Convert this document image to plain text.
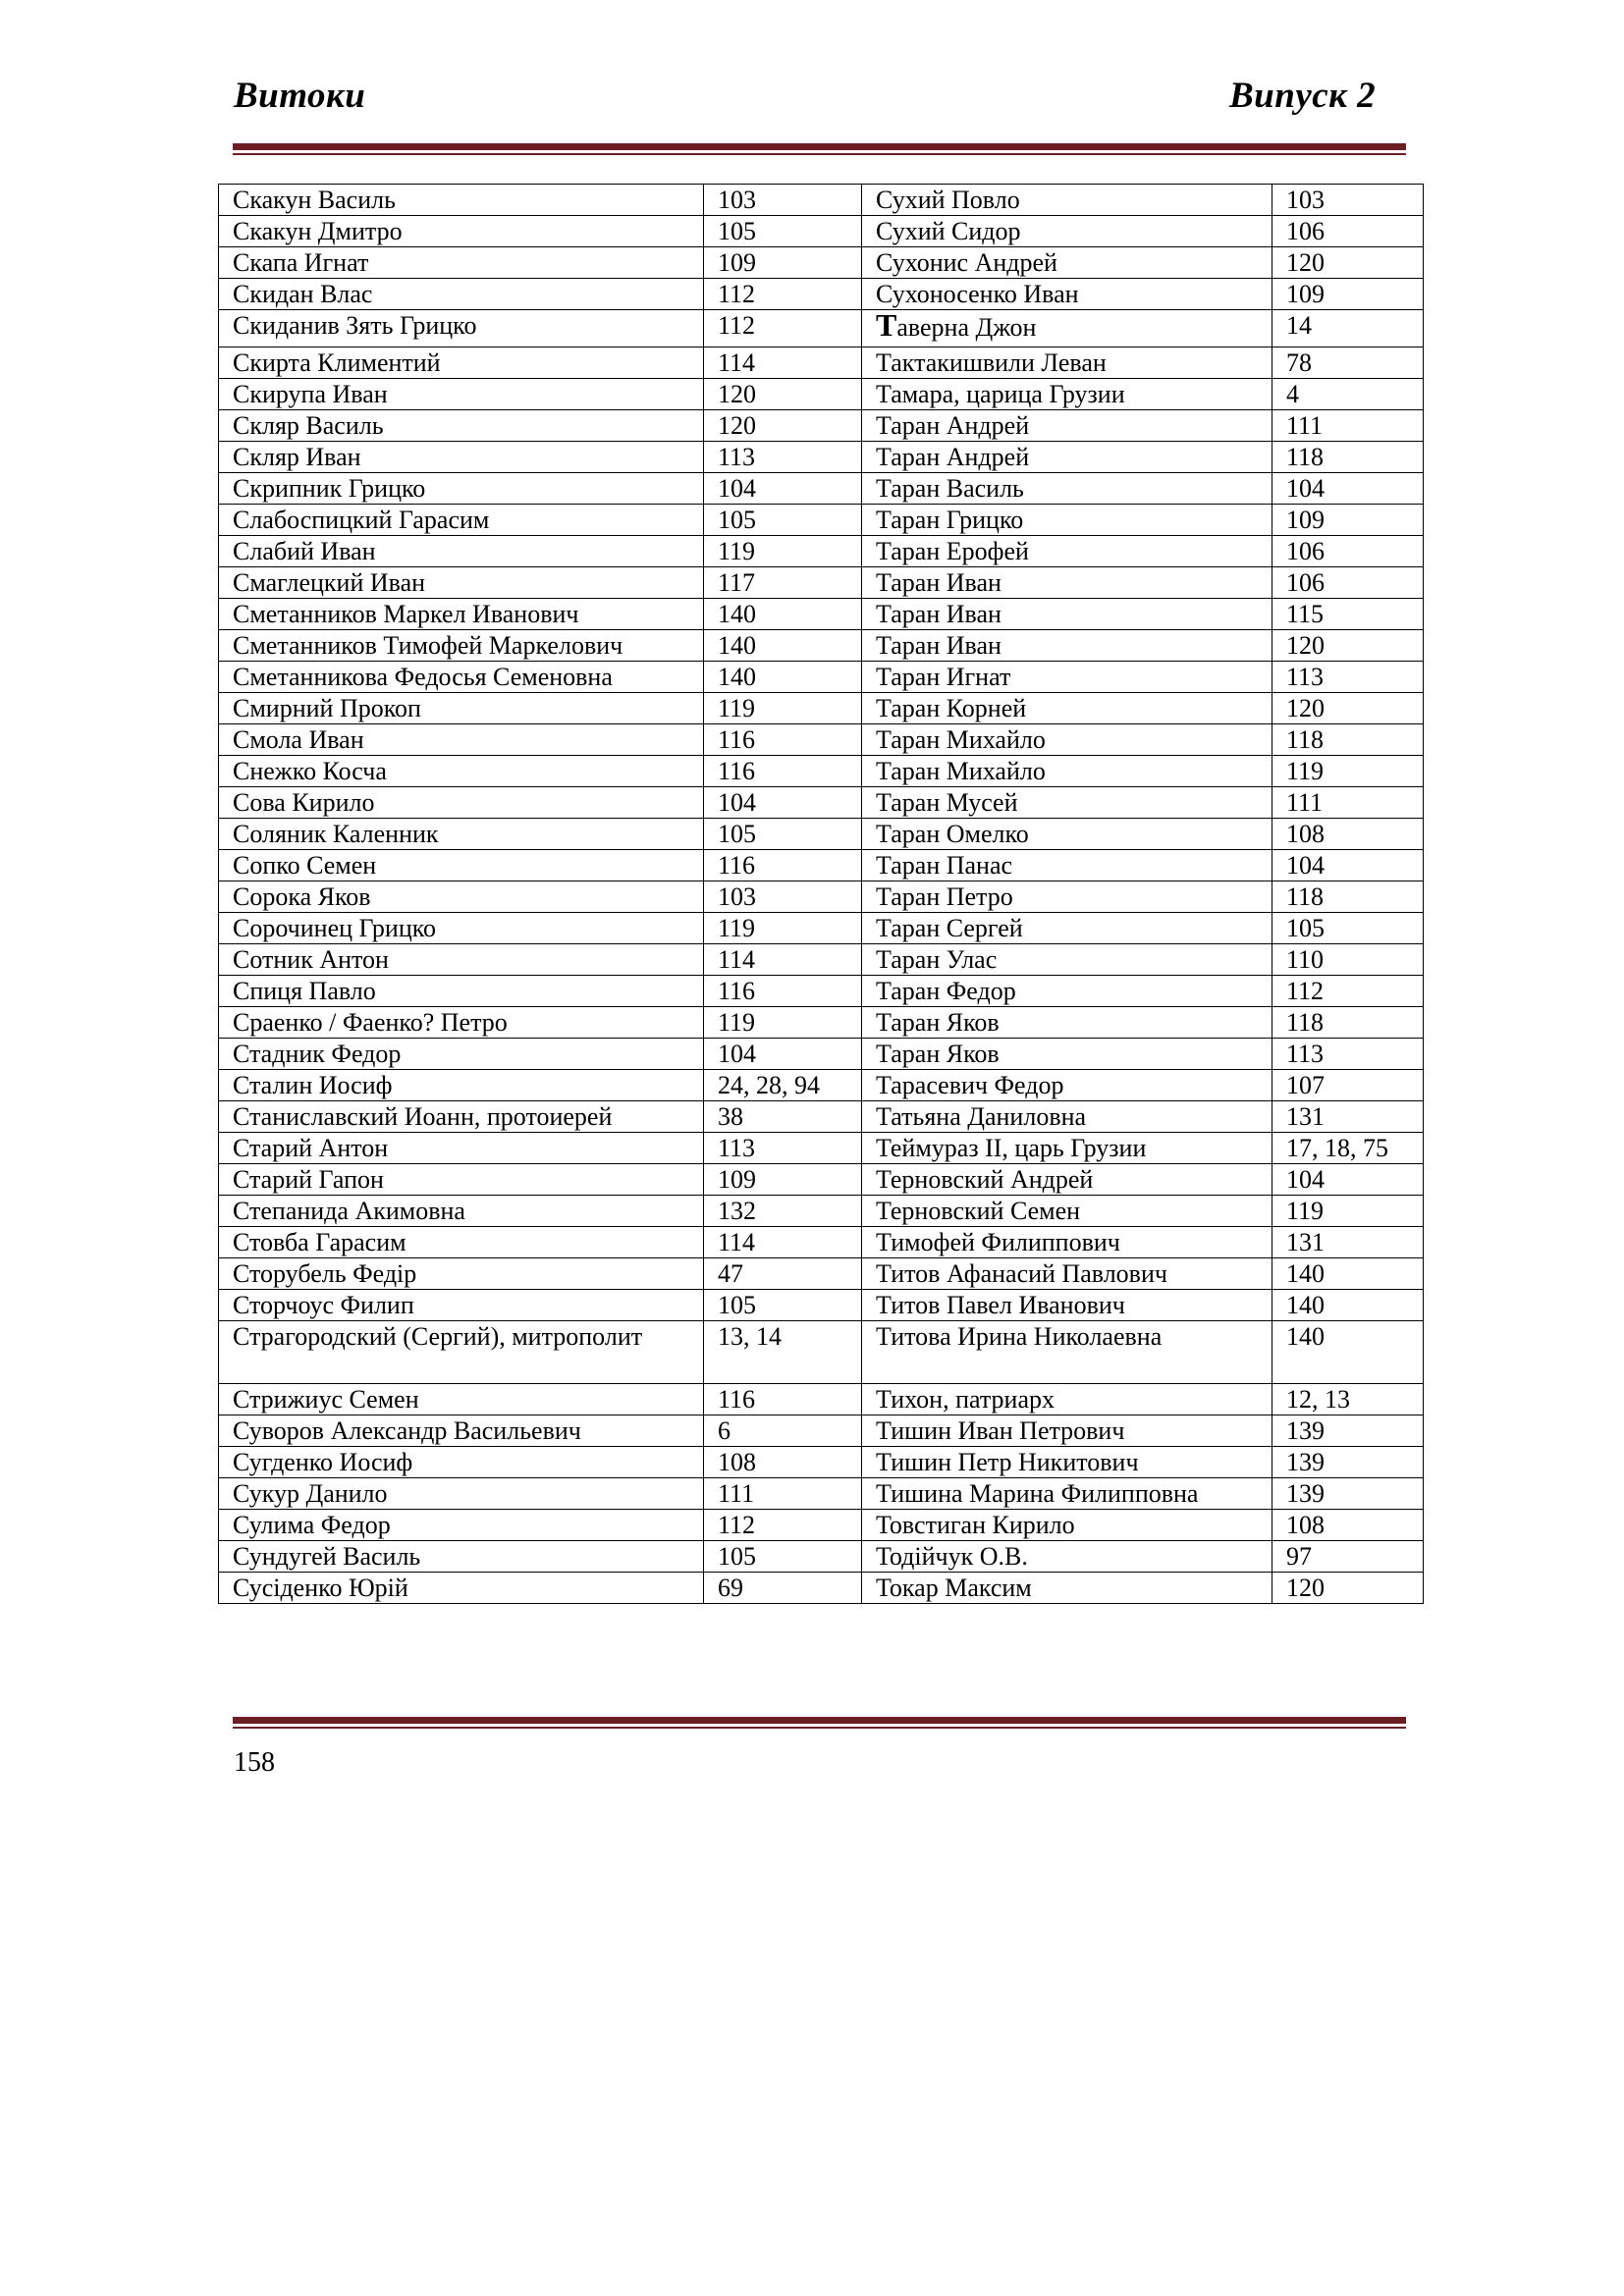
Витоки	Випуск 2
Скакун Василь	103	Сухий Повло	103
Скакун Дмитро	105	Сухий Сидор	106
Скапа Игнат	109	Сухонис Андрей	120
Скидан Влас	112	Сухоносенко Иван	109
Скиданив Зять Грицко	112	Таверна Джон	14
Скирта Климентий	114	Тактакишвили Леван	78
Скирупа Иван	120	Тамара, царица Грузии	4
Скляр Василь	120	Таран Андрей	111
Скляр Иван	113	Таран Андрей	118
Скрипник Грицко	104	Таран Василь	104
Слабоспицкий Гарасим	105	Таран Грицко	109
Слабий Иван	119	Таран Ерофей	106
Смаглецкий Иван	117	Таран Иван	106
Сметанников Маркел Иванович	140	Таран Иван	115
Сметанников Тимофей Маркелович	140	Таран Иван	120
Сметанникова Федосья Семеновна	140	Таран Игнат	113
Смирний Прокоп	119	Таран Корней	120
Смола Иван	116	Таран Михайло	118
Снежко Косча	116	Таран Михайло	119
Сова Кирило	104	Таран Мусей	111
Соляник Каленник	105	Таран Омелко	108
Сопко Семен	116	Таран Панас	104
Сорока Яков	103	Таран Петро	118
Сорочинец Грицко	119	Таран Сергей	105
Сотник Антон	114	Таран Улас	110
Спиця Павло	116	Таран Федор	112
Сраенко / Фаенко? Петро	119	Таран Яков	118
Стадник Федор	104	Таран Яков	113
Сталин Иосиф	24, 28, 94	Тарасевич Федор	107
Станиславский Иоанн, протоиерей	38	Татьяна Даниловна	131
Старий Антон	113	Теймураз II, царь Грузии	17, 18, 75
Старий Гапон	109	Терновский Андрей	104
Степанида Акимовна	132	Терновский Семен	119
Стовба Гарасим	114	Тимофей Филиппович	131
Сторубель Федір	47	Титов Афанасий Павлович	140
Сторчоус Филип	105	Титов Павел Иванович	140
Страгородский (Сергий), митрополит	13, 14	Титова Ирина Николаевна	140
Стрижиус Семен	116	Тихон, патриарх	12, 13
Суворов Александр Васильевич	6	Тишин Иван Петрович	139
Сугденко Иосиф	108	Тишин Петр Никитович	139
Сукур Данило	111	Тишина Марина Филипповна	139
Сулима Федор	112	Товстиган Кирило	108
Сундугей Василь	105	Тодійчук О.В.	97
Сусіденко Юрій	69	Токар Максим	120
158
